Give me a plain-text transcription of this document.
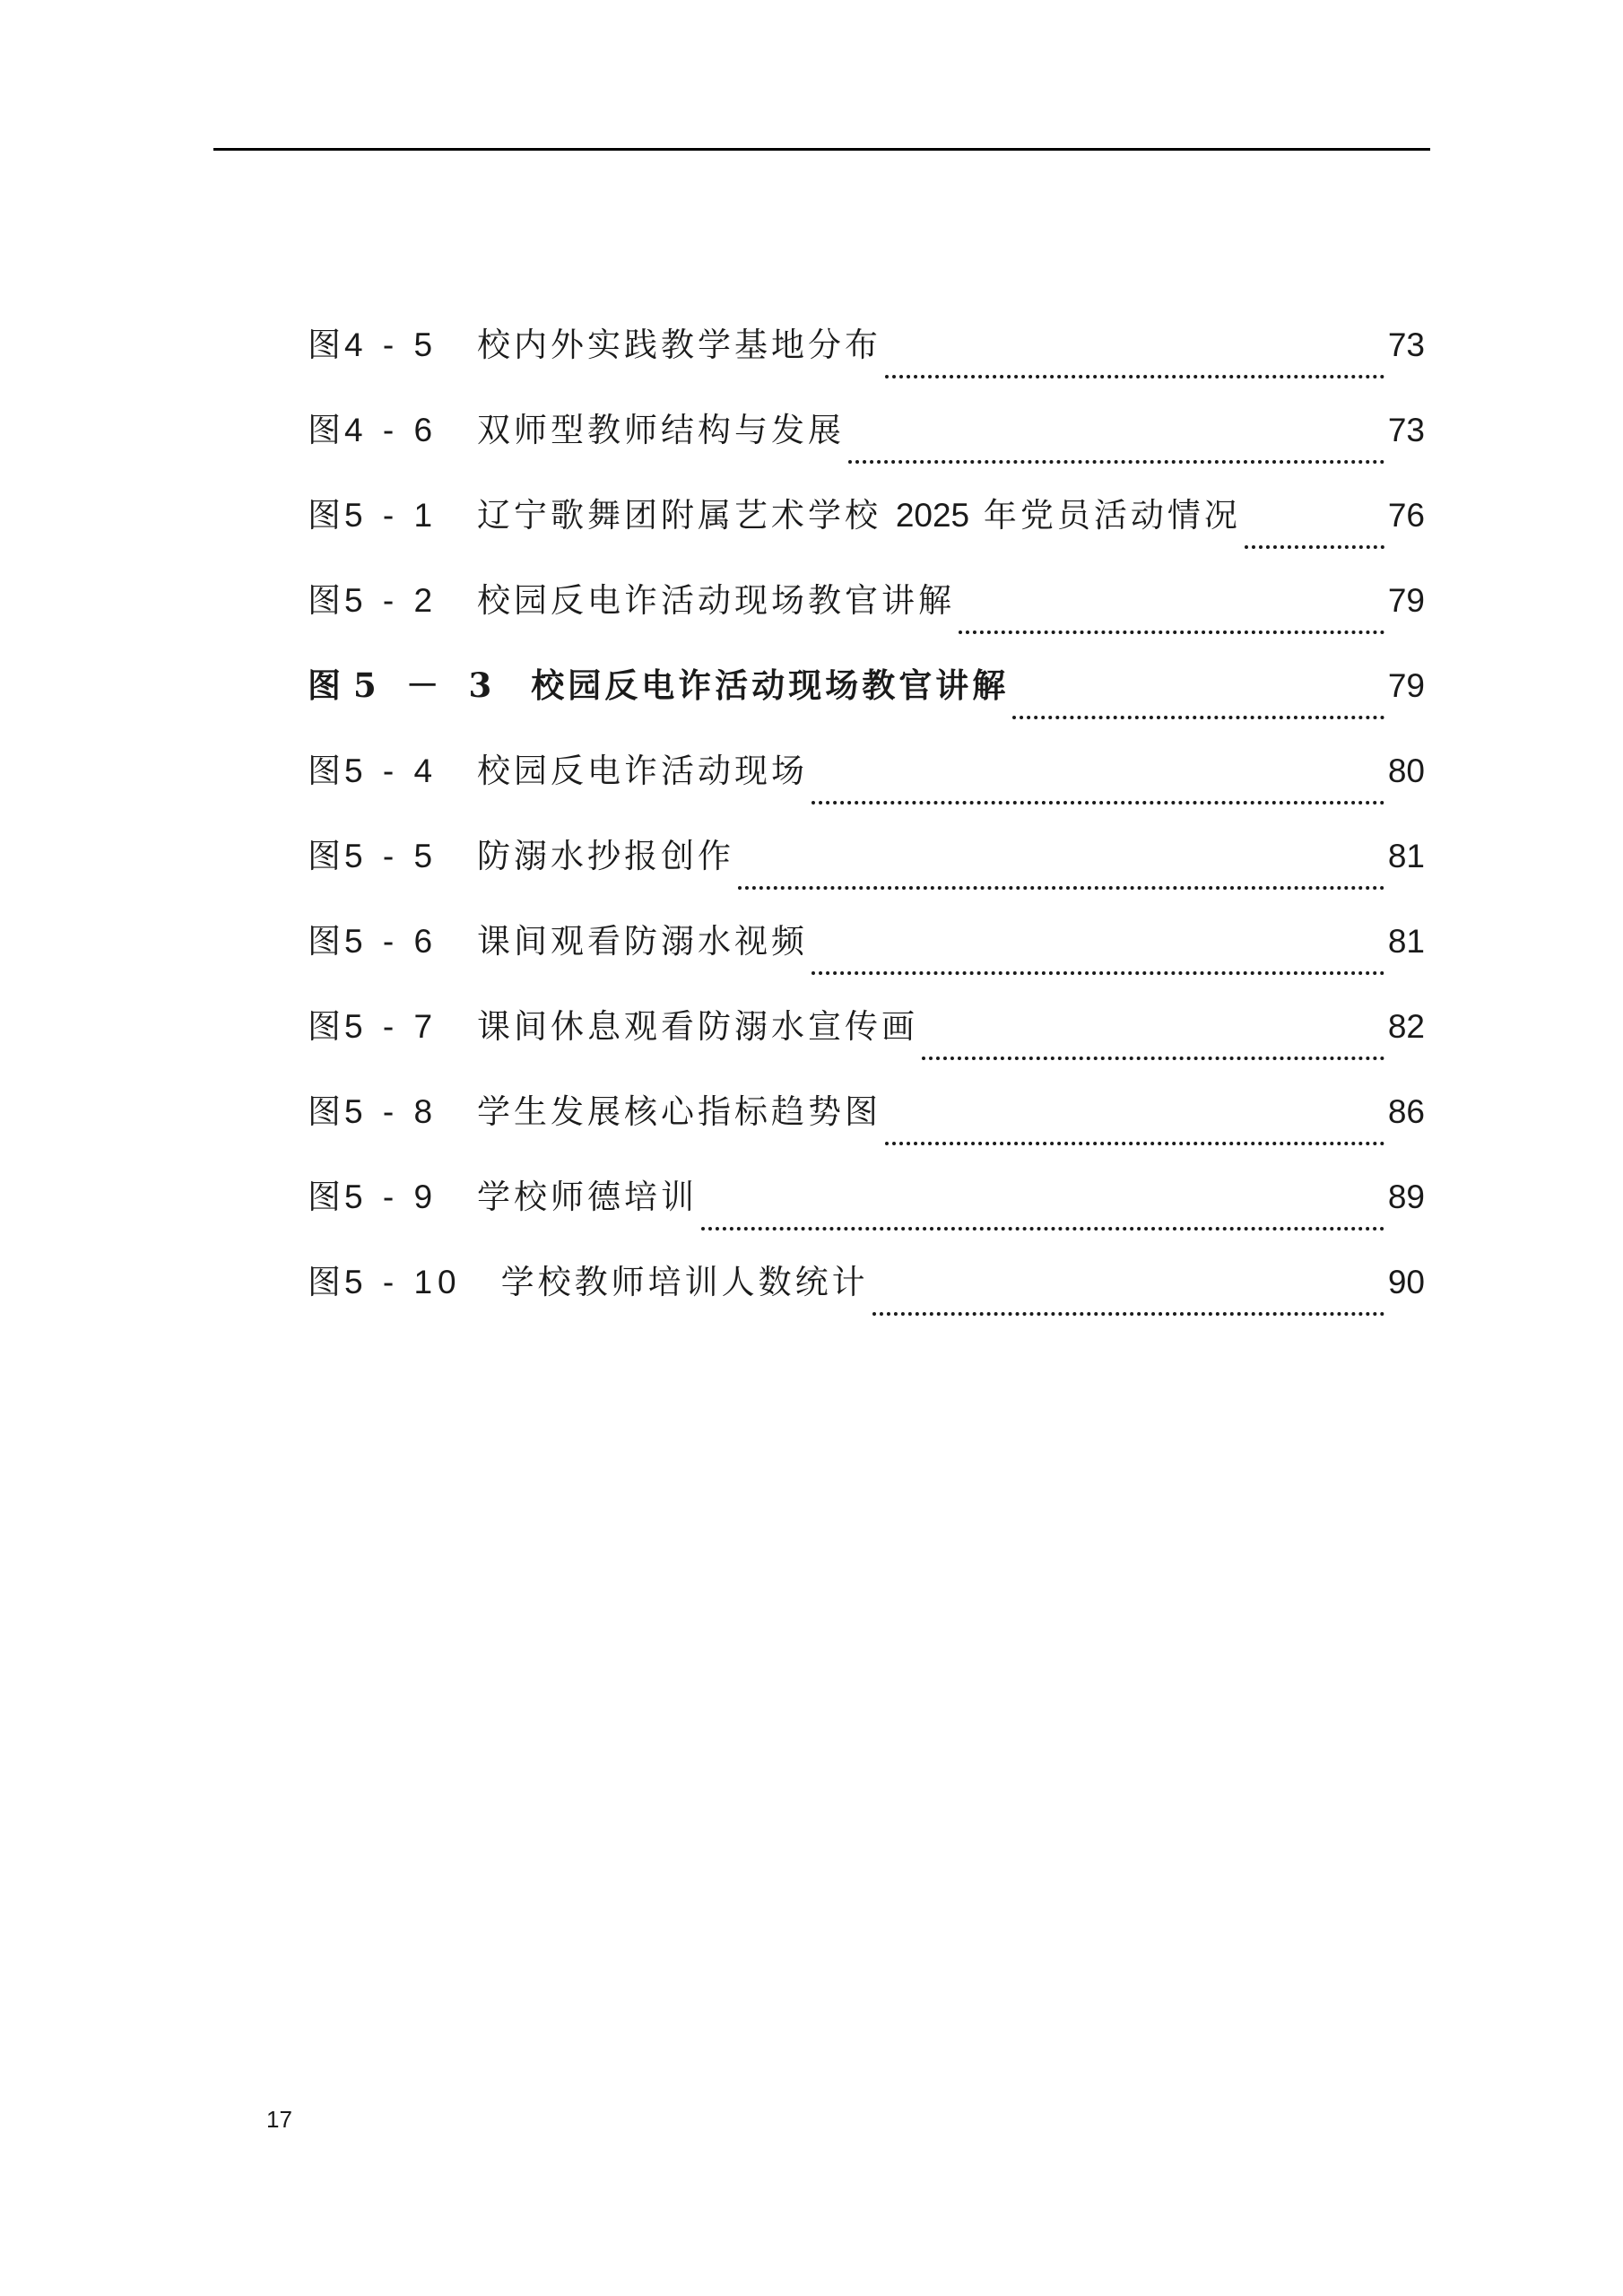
图 4 - 5 校内外实践教学基地分布	73
图 4 - 6 双师型教师结构与发展	73
图 5 - 1 辽宁歌舞团附属艺术学校 2025 年党员活动情况	76
图 5 - 2 校园反电诈活动现场教官讲解	79
图 5 － 3 校园反电诈活动现场教官讲解	79
图 5 - 4 校园反电诈活动现场	80
图 5 - 5 防溺水抄报创作	81
图 5 - 6 课间观看防溺水视频	81
图 5 - 7 课间休息观看防溺水宣传画	82
图 5 - 8 学生发展核心指标趋势图	86
图 5 - 9 学校师德培训	89
图 5 - 10 学校教师培训人数统计	90
17
